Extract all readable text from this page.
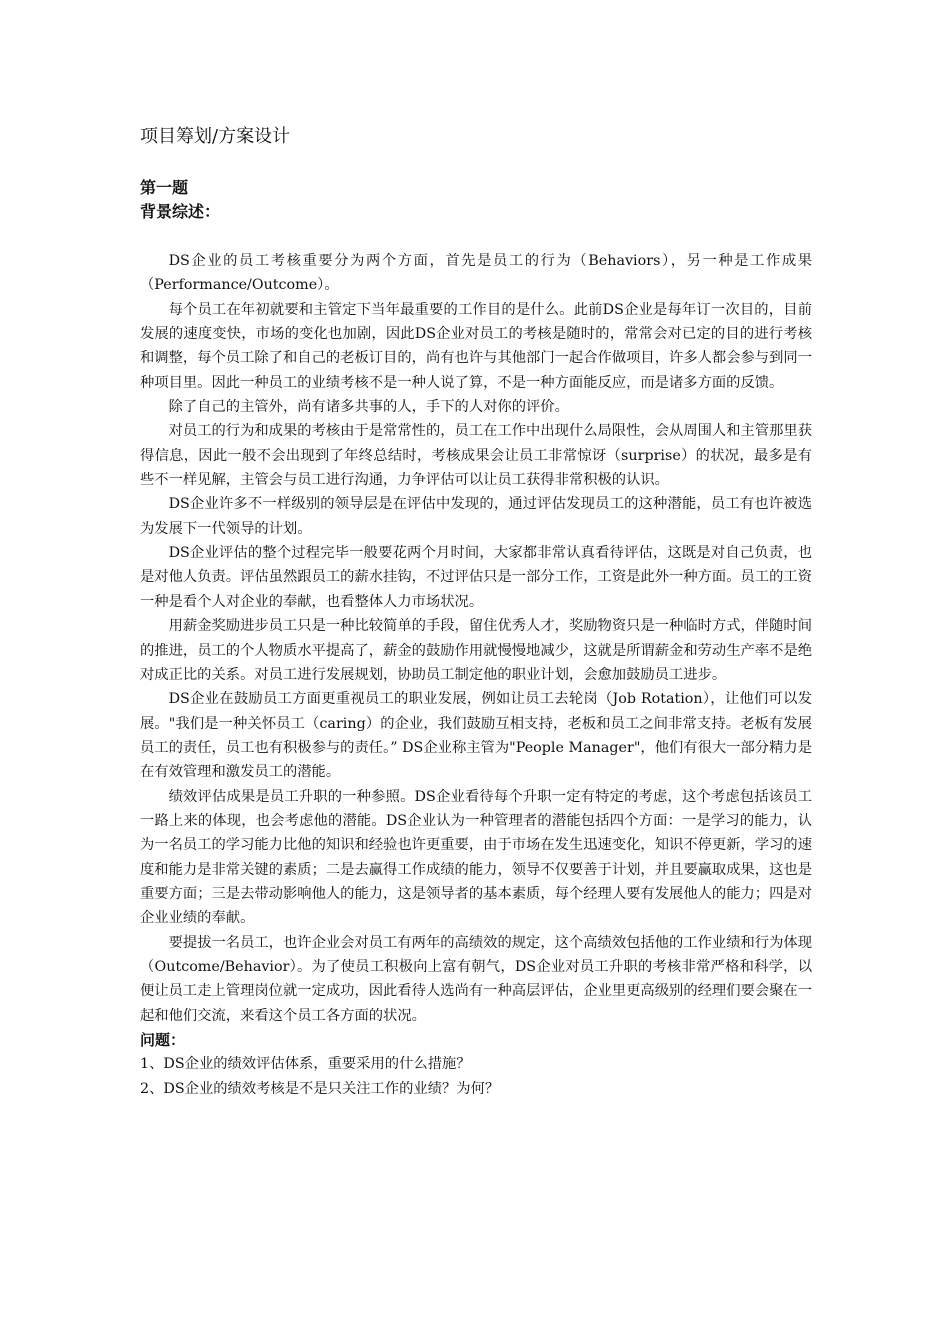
项目筹划/方案设计
第一题
背景综述：

DS企业的员工考核重要分为两个方面，首先是员工的行为（Behaviors），另一种是工作成果（Performance/Outcome）。

每个员工在年初就要和主管定下当年最重要的工作目的是什么。此前DS企业是每年订一次目的，目前发展的速度变快，市场的变化也加剧，因此DS企业对员工的考核是随时的，常常会对已定的目的进行考核和调整，每个员工除了和自己的老板订目的，尚有也许与其他部门一起合作做项目，许多人都会参与到同一种项目里。因此一种员工的业绩考核不是一种人说了算，不是一种方面能反应，而是诸多方面的反馈。

除了自己的主管外，尚有诸多共事的人，手下的人对你的评价。

对员工的行为和成果的考核由于是常常性的，员工在工作中出现什么局限性，会从周围人和主管那里获得信息，因此一般不会出现到了年终总结时，考核成果会让员工非常惊讶（surprise）的状况，最多是有些不一样见解，主管会与员工进行沟通，力争评估可以让员工获得非常积极的认识。

DS企业许多不一样级别的领导层是在评估中发现的，通过评估发现员工的这种潜能，员工有也许被选为发展下一代领导的计划。

DS企业评估的整个过程完毕一般要花两个月时间，大家都非常认真看待评估，这既是对自己负责，也是对他人负责。评估虽然跟员工的薪水挂钩，不过评估只是一部分工作，工资是此外一种方面。员工的工资一种是看个人对企业的奉献，也看整体人力市场状况。

用薪金奖励进步员工只是一种比较简单的手段，留住优秀人才，奖励物资只是一种临时方式，伴随时间的推进，员工的个人物质水平提高了，薪金的鼓励作用就慢慢地减少，这就是所谓薪金和劳动生产率不是绝对成正比的关系。对员工进行发展规划，协助员工制定他的职业计划，会愈加鼓励员工进步。

DS企业在鼓励员工方面更重视员工的职业发展，例如让员工去轮岗（Job Rotation），让他们可以发展。"我们是一种关怀员工（caring）的企业，我们鼓励互相支持，老板和员工之间非常支持。老板有发展员工的责任，员工也有积极参与的责任。” DS企业称主管为"People Manager"，他们有很大一部分精力是在有效管理和激发员工的潜能。

绩效评估成果是员工升职的一种参照。DS企业看待每个升职一定有特定的考虑，这个考虑包括该员工一路上来的体现，也会考虑他的潜能。DS企业认为一种管理者的潜能包括四个方面：一是学习的能力，认为一名员工的学习能力比他的知识和经验也许更重要，由于市场在发生迅速变化，知识不停更新，学习的速度和能力是非常关键的素质；二是去赢得工作成绩的能力，领导不仅要善于计划，并且要赢取成果，这也是重要方面；三是去带动影响他人的能力，这是领导者的基本素质，每个经理人要有发展他人的能力；四是对企业业绩的奉献。

要提拔一名员工，也许企业会对员工有两年的高绩效的规定，这个高绩效包括他的工作业绩和行为体现（Outcome/Behavior）。为了使员工积极向上富有朝气，DS企业对员工升职的考核非常严格和科学，以便让员工走上管理岗位就一定成功，因此看待人选尚有一种高层评估，企业里更高级别的经理们要会聚在一起和他们交流，来看这个员工各方面的状况。

问题：

1、DS企业的绩效评估体系，重要采用的什么措施？

2、DS企业的绩效考核是不是只关注工作的业绩？为何？
